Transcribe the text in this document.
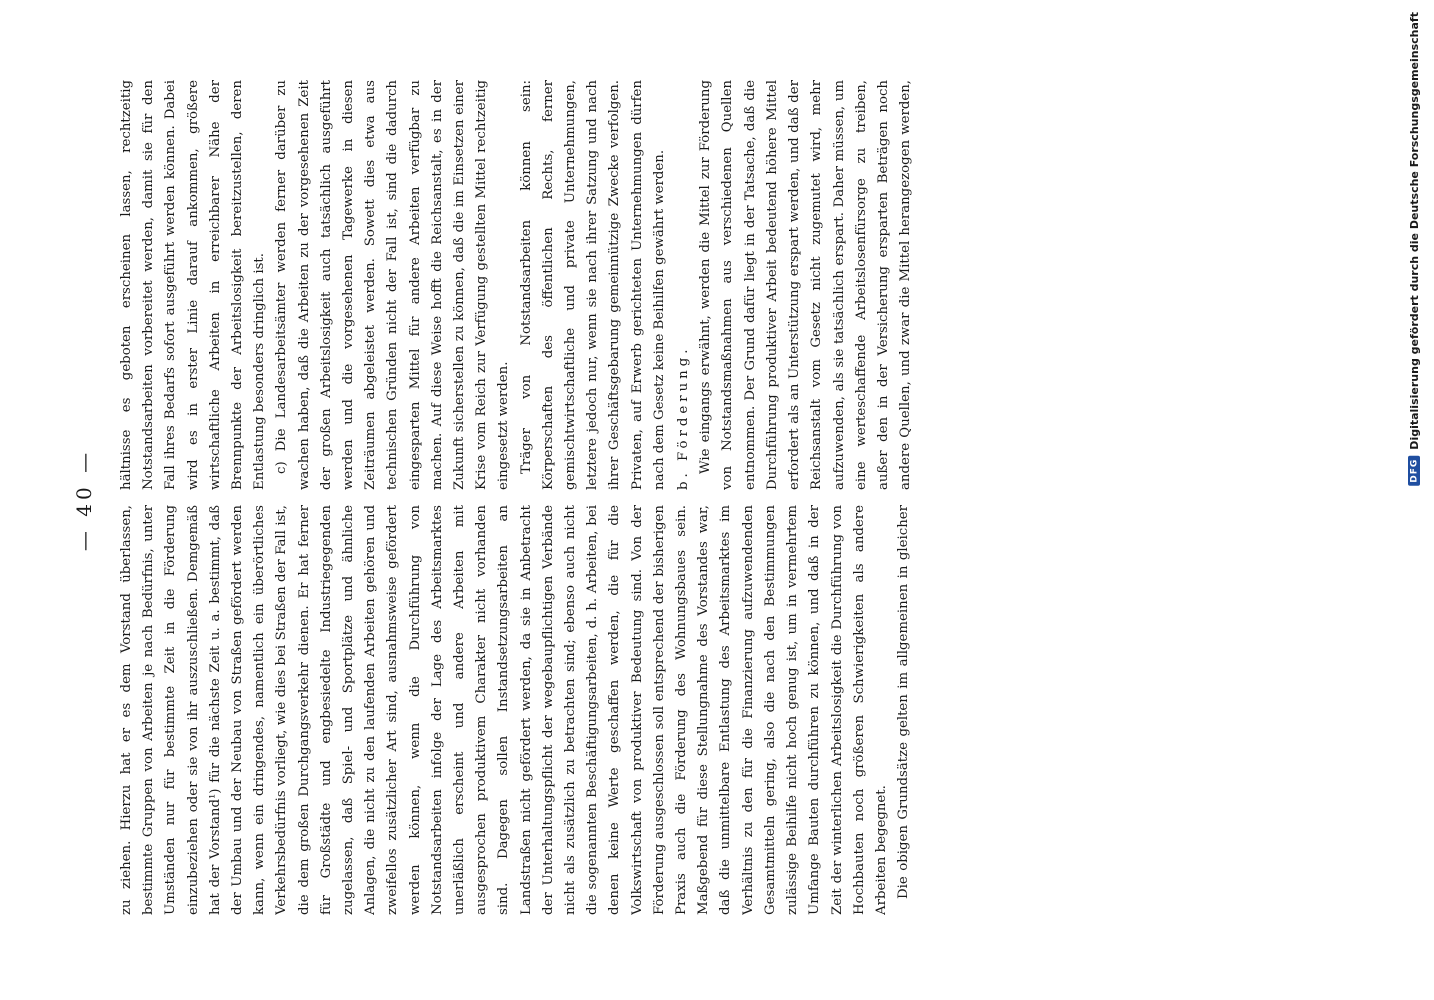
— 40 —

zu ziehen. Hierzu hat er es dem Vorstand überlassen, bestimmte Gruppen von Arbeiten je nach Bedürfnis, unter Umständen nur für bestimmte Zeit in die Förderung einzubeziehen oder sie von ihr auszuschließen. Demgemäß hat der Vorstand¹) für die nächste Zeit u. a. bestimmt, daß der Umbau und der Neubau von Straßen gefördert werden kann, wenn ein dringendes, namentlich ein überörtliches Verkehrsbedürfnis vorliegt, wie dies bei Straßen der Fall ist, die dem großen Durchgangsverkehr dienen. Er hat ferner für Großstädte und engbesiedelte Industriegegenden zugelassen, daß Spiel- und Sportplätze und ähnliche Anlagen, die nicht zu den laufenden Arbeiten gehören und zweifellos zusätzlicher Art sind, ausnahmsweise gefördert werden können, wenn die Durchführung von Notstandsarbeiten infolge der Lage des Arbeitsmarktes unerläßlich erscheint und andere Arbeiten mit ausgesprochen produktivem Charakter nicht vorhanden sind. Dagegen sollen Instandsetzungsarbeiten an Landstraßen nicht gefördert werden, da sie in Anbetracht der Unterhaltungspflicht der wegebaupflichtigen Verbände nicht als zusätzlich zu betrachten sind; ebenso auch nicht die sogenannten Beschäftigungsarbeiten, d. h. Arbeiten, bei denen keine Werte geschaffen werden, die für die Volkswirtschaft von produktiver Bedeutung sind. Von der Förderung ausgeschlossen soll entsprechend der bisherigen Praxis auch die Förderung des Wohnungsbaues sein. Maßgebend für diese Stellungnahme des Vorstandes war, daß die unmittelbare Entlastung des Arbeitsmarktes im Verhältnis zu den für die Finanzierung aufzuwendenden Gesamtmitteln gering, also die nach den Bestimmungen zulässige Beihilfe nicht hoch genug ist, um in vermehrtem Umfange Bauten durchführen zu können, und daß in der Zeit der winterlichen Arbeitslosigkeit die Durchführung von Hochbauten noch größeren Schwierigkeiten als andere Arbeiten begegnet. Die obigen Grundsätze gelten im allgemeinen in gleicher

hältnisse es geboten erscheinen lassen, rechtzeitig Notstandsarbeiten vorbereitet werden, damit sie für den Fall ihres Bedarfs sofort ausgeführt werden können. Dabei wird es in erster Linie darauf ankommen, größere wirtschaftliche Arbeiten in erreichbarer Nähe der Brennpunkte der Arbeitslosigkeit bereitzustellen, deren Entlastung besonders dringlich ist. c) Die Landesarbeitsämter werden ferner darüber zu wachen haben, daß die Arbeiten zu der vorgesehenen Zeit der großen Arbeitslosigkeit auch tatsächlich ausgeführt werden und die vorgesehenen Tagewerke in diesen Zeiträumen abgeleistet werden. Sowett dies etwa aus technischen Gründen nicht der Fall ist, sind die dadurch eingesparten Mittel für andere Arbeiten verfügbar zu machen. Auf diese Weise hofft die Reichsanstalt, es in der Zukunft sicherstellen zu können, daß die im Einsetzen einer Krise vom Reich zur Verfügung gestellten Mittel rechtzeitig eingesetzt werden. Träger von Notstandsarbeiten können sein: Körperschaften des öffentlichen Rechts, ferner gemischtwirtschaftliche und private Unternehmungen, letztere jedoch nur, wenn sie nach ihrer Satzung und nach ihrer Geschäftsgebarung gemeinnützige Zwecke verfolgen. Privaten, auf Erwerb gerichteten Unternehmungen dürfen nach dem Gesetz keine Beihilfen gewährt werden. b. Förderung. Wie eingangs erwähnt, werden die Mittel zur Förderung von Notstandsmaßnahmen aus verschiedenen Quellen entnommen. Der Grund dafür liegt in der Tatsache, daß die Durchführung produktiver Arbeit bedeutend höhere Mittel erfordert als an Unterstützung erspart werden, und daß der Reichsanstalt vom Gesetz nicht zugemutet wird, mehr aufzuwenden, als sie tatsächlich erspart. Daher müssen, um eine werteschaffende Arbeitslosenfürsorge zu treiben, außer den in der Versicherung ersparten Beträgen noch andere Quellen, und zwar die Mittel herangezogen werden,

DFG
Digitalisierung gefördert durch die Deutsche Forschungsgemeinschaft
